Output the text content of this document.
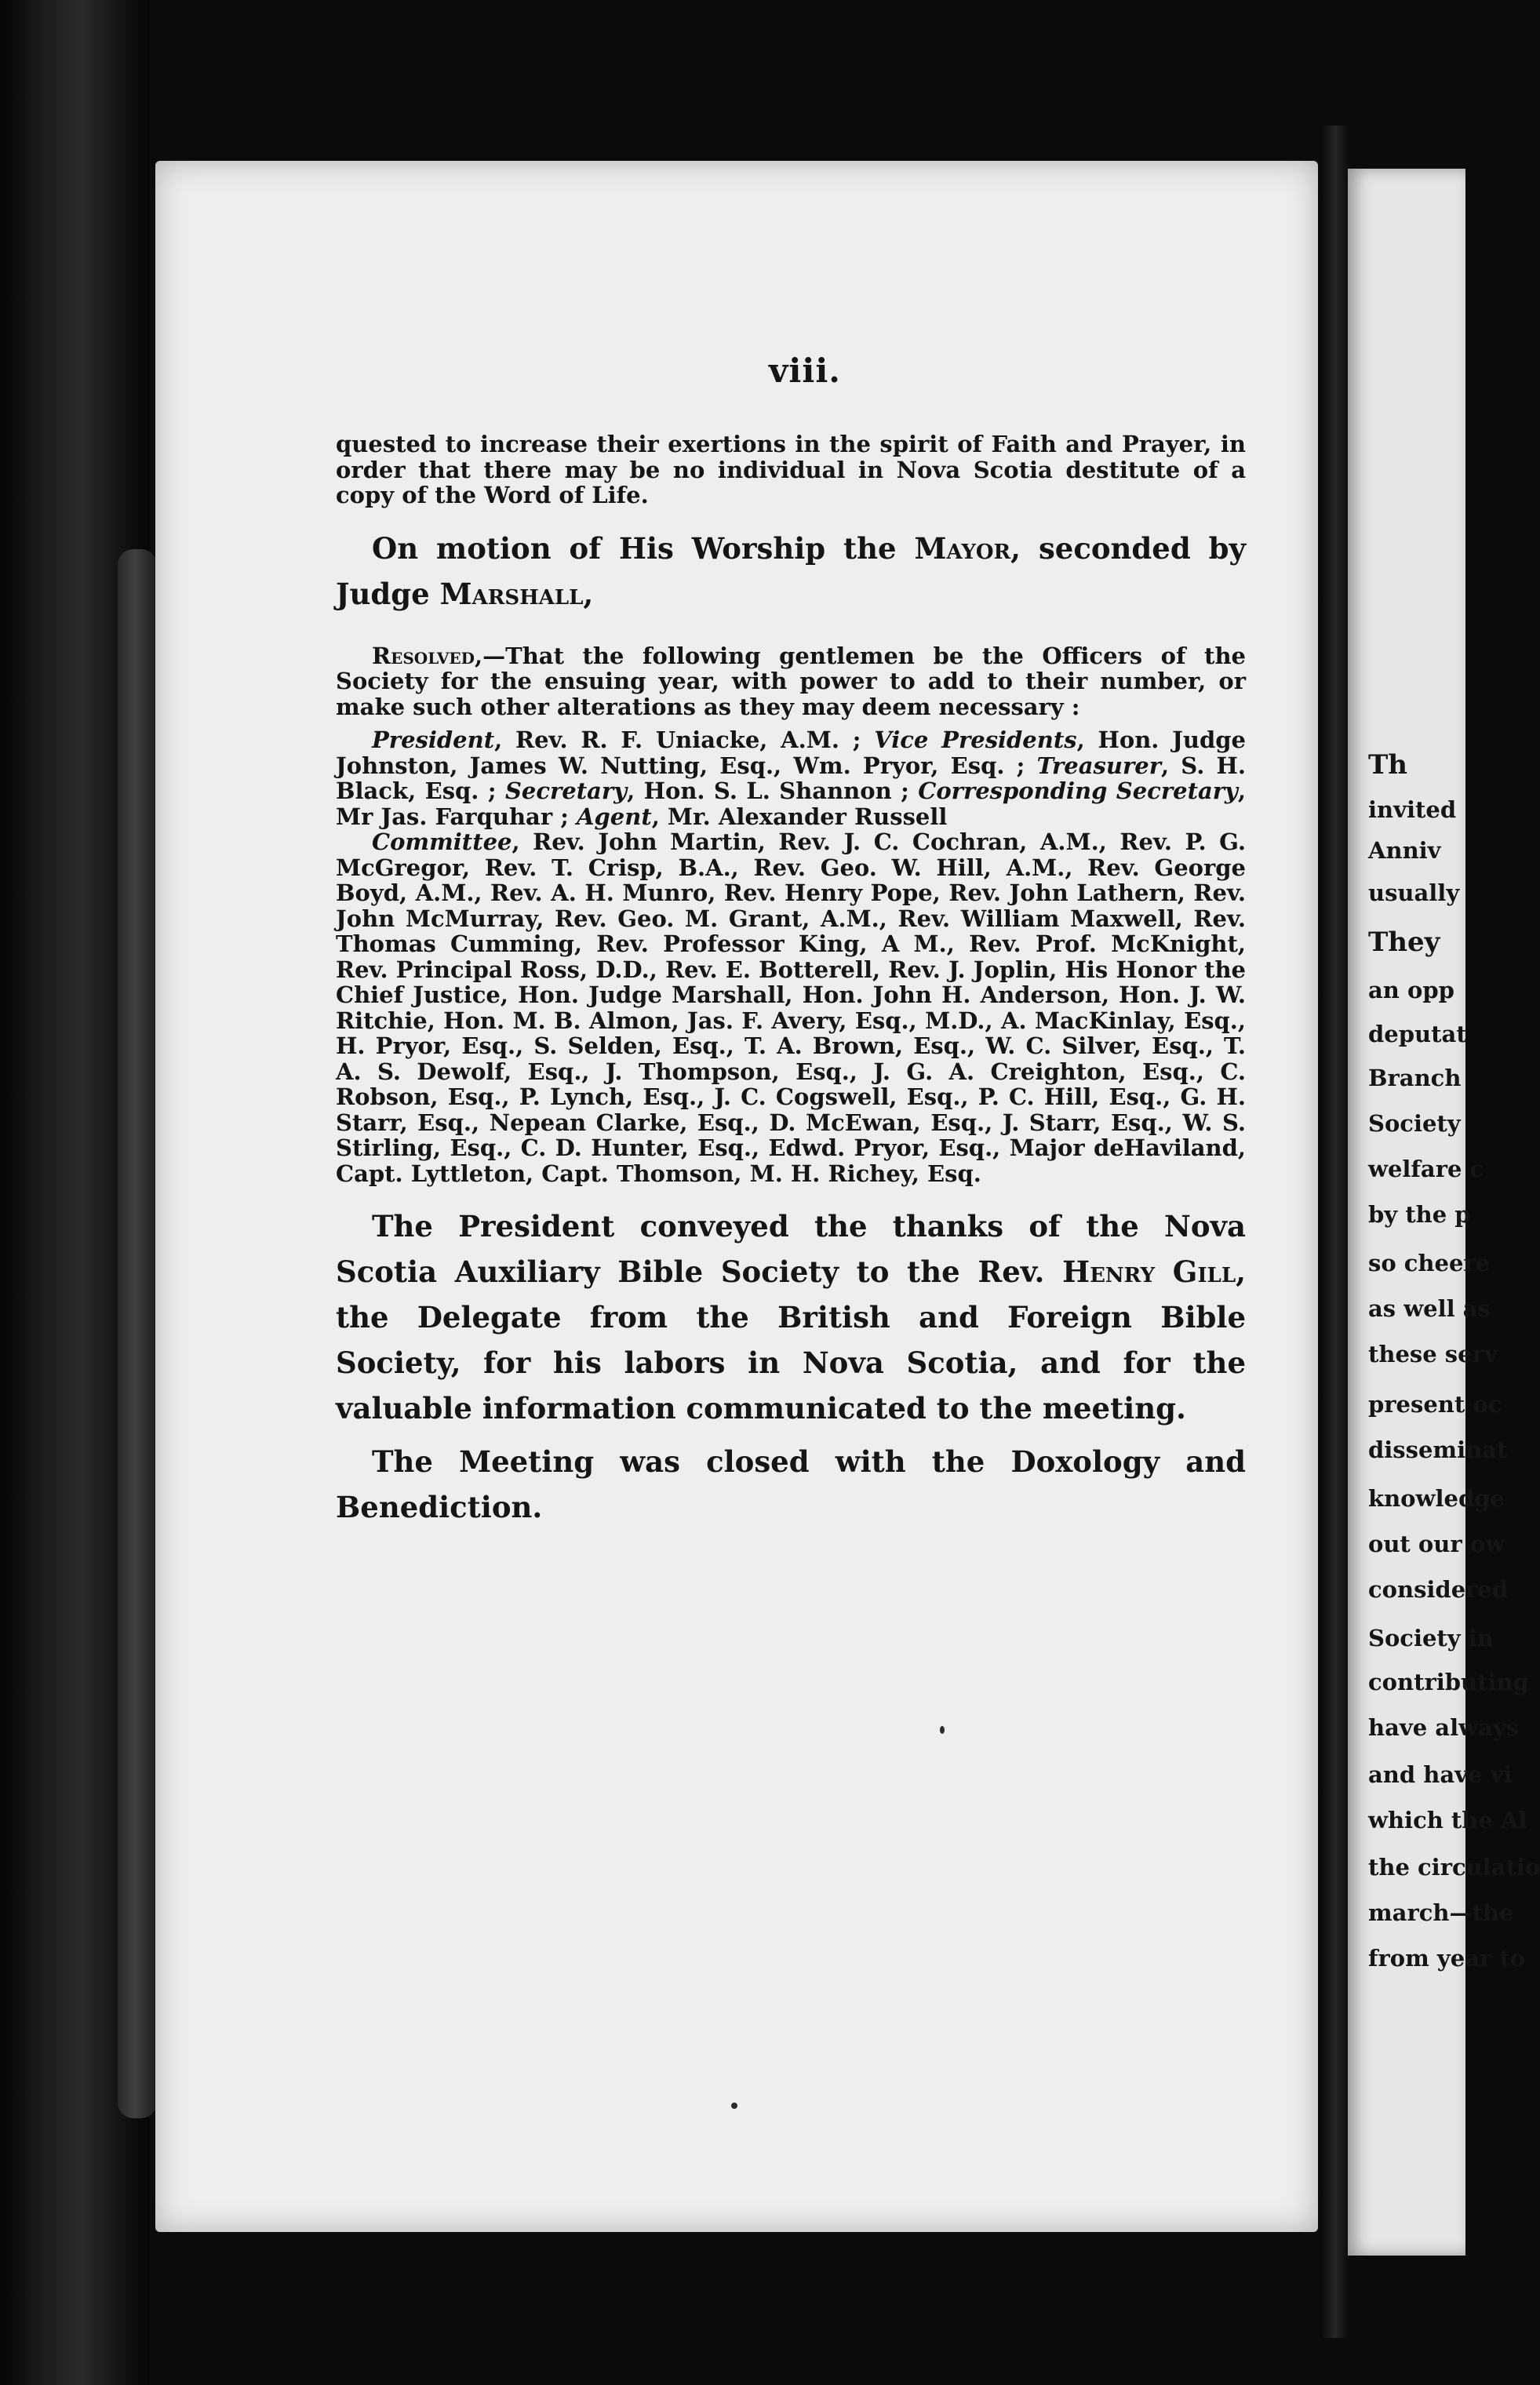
viii.

quested to increase their exertions in the spirit of Faith and Prayer, in order that there may be no individual in Nova Scotia destitute of a copy of the Word of Life.

On motion of His Worship the Mayor, seconded by Judge Marshall,

Resolved,—That the following gentlemen be the Officers of the Society for the ensuing year, with power to add to their number, or make such other alterations as they may deem necessary :

President, Rev. R. F. Uniacke, A.M. ; Vice Presidents, Hon. Judge Johnston, James W. Nutting, Esq., Wm. Pryor, Esq. ; Treasurer, S. H. Black, Esq. ; Secretary, Hon. S. L. Shannon ; Corresponding Secretary, Mr Jas. Farquhar ; Agent, Mr. Alexander Russell

Committee, Rev. John Martin, Rev. J. C. Cochran, A.M., Rev. P. G. McGregor, Rev. T. Crisp, B.A., Rev. Geo. W. Hill, A.M., Rev. George Boyd, A.M., Rev. A. H. Munro, Rev. Henry Pope, Rev. John Lathern, Rev. John McMurray, Rev. Geo. M. Grant, A.M., Rev. William Maxwell, Rev. Thomas Cumming, Rev. Professor King, A M., Rev. Prof. McKnight, Rev. Principal Ross, D.D., Rev. E. Botterell, Rev. J. Joplin, His Honor the Chief Justice, Hon. Judge Marshall, Hon. John H. Anderson, Hon. J. W. Ritchie, Hon. M. B. Almon, Jas. F. Avery, Esq., M.D., A. MacKinlay, Esq., H. Pryor, Esq., S. Selden, Esq., T. A. Brown, Esq., W. C. Silver, Esq., T. A. S. Dewolf, Esq., J. Thompson, Esq., J. G. A. Creighton, Esq., C. Robson, Esq., P. Lynch, Esq., J. C. Cogswell, Esq., P. C. Hill, Esq., G. H. Starr, Esq., Nepean Clarke, Esq., D. McEwan, Esq., J. Starr, Esq., W. S. Stirling, Esq., C. D. Hunter, Esq., Edwd. Pryor, Esq., Major deHaviland, Capt. Lyttleton, Capt. Thomson, M. H. Richey, Esq.

The President conveyed the thanks of the Nova Scotia Auxiliary Bible Society to the Rev. Henry Gill, the Delegate from the British and Foreign Bible Society, for his labors in Nova Scotia, and for the valuable information communicated to the meeting.

The Meeting was closed with the Doxology and Benediction.

Th
invited
Anniv
usually
They
an opp
deputat
Branch
Society
welfare c
by the p
so cheere
as well as
these serv
present oc
disseminat
knowledge
out our ow
considered
Society in
contributing
have always
and have vi
which the Al
the circulatio
march—the
from year to
